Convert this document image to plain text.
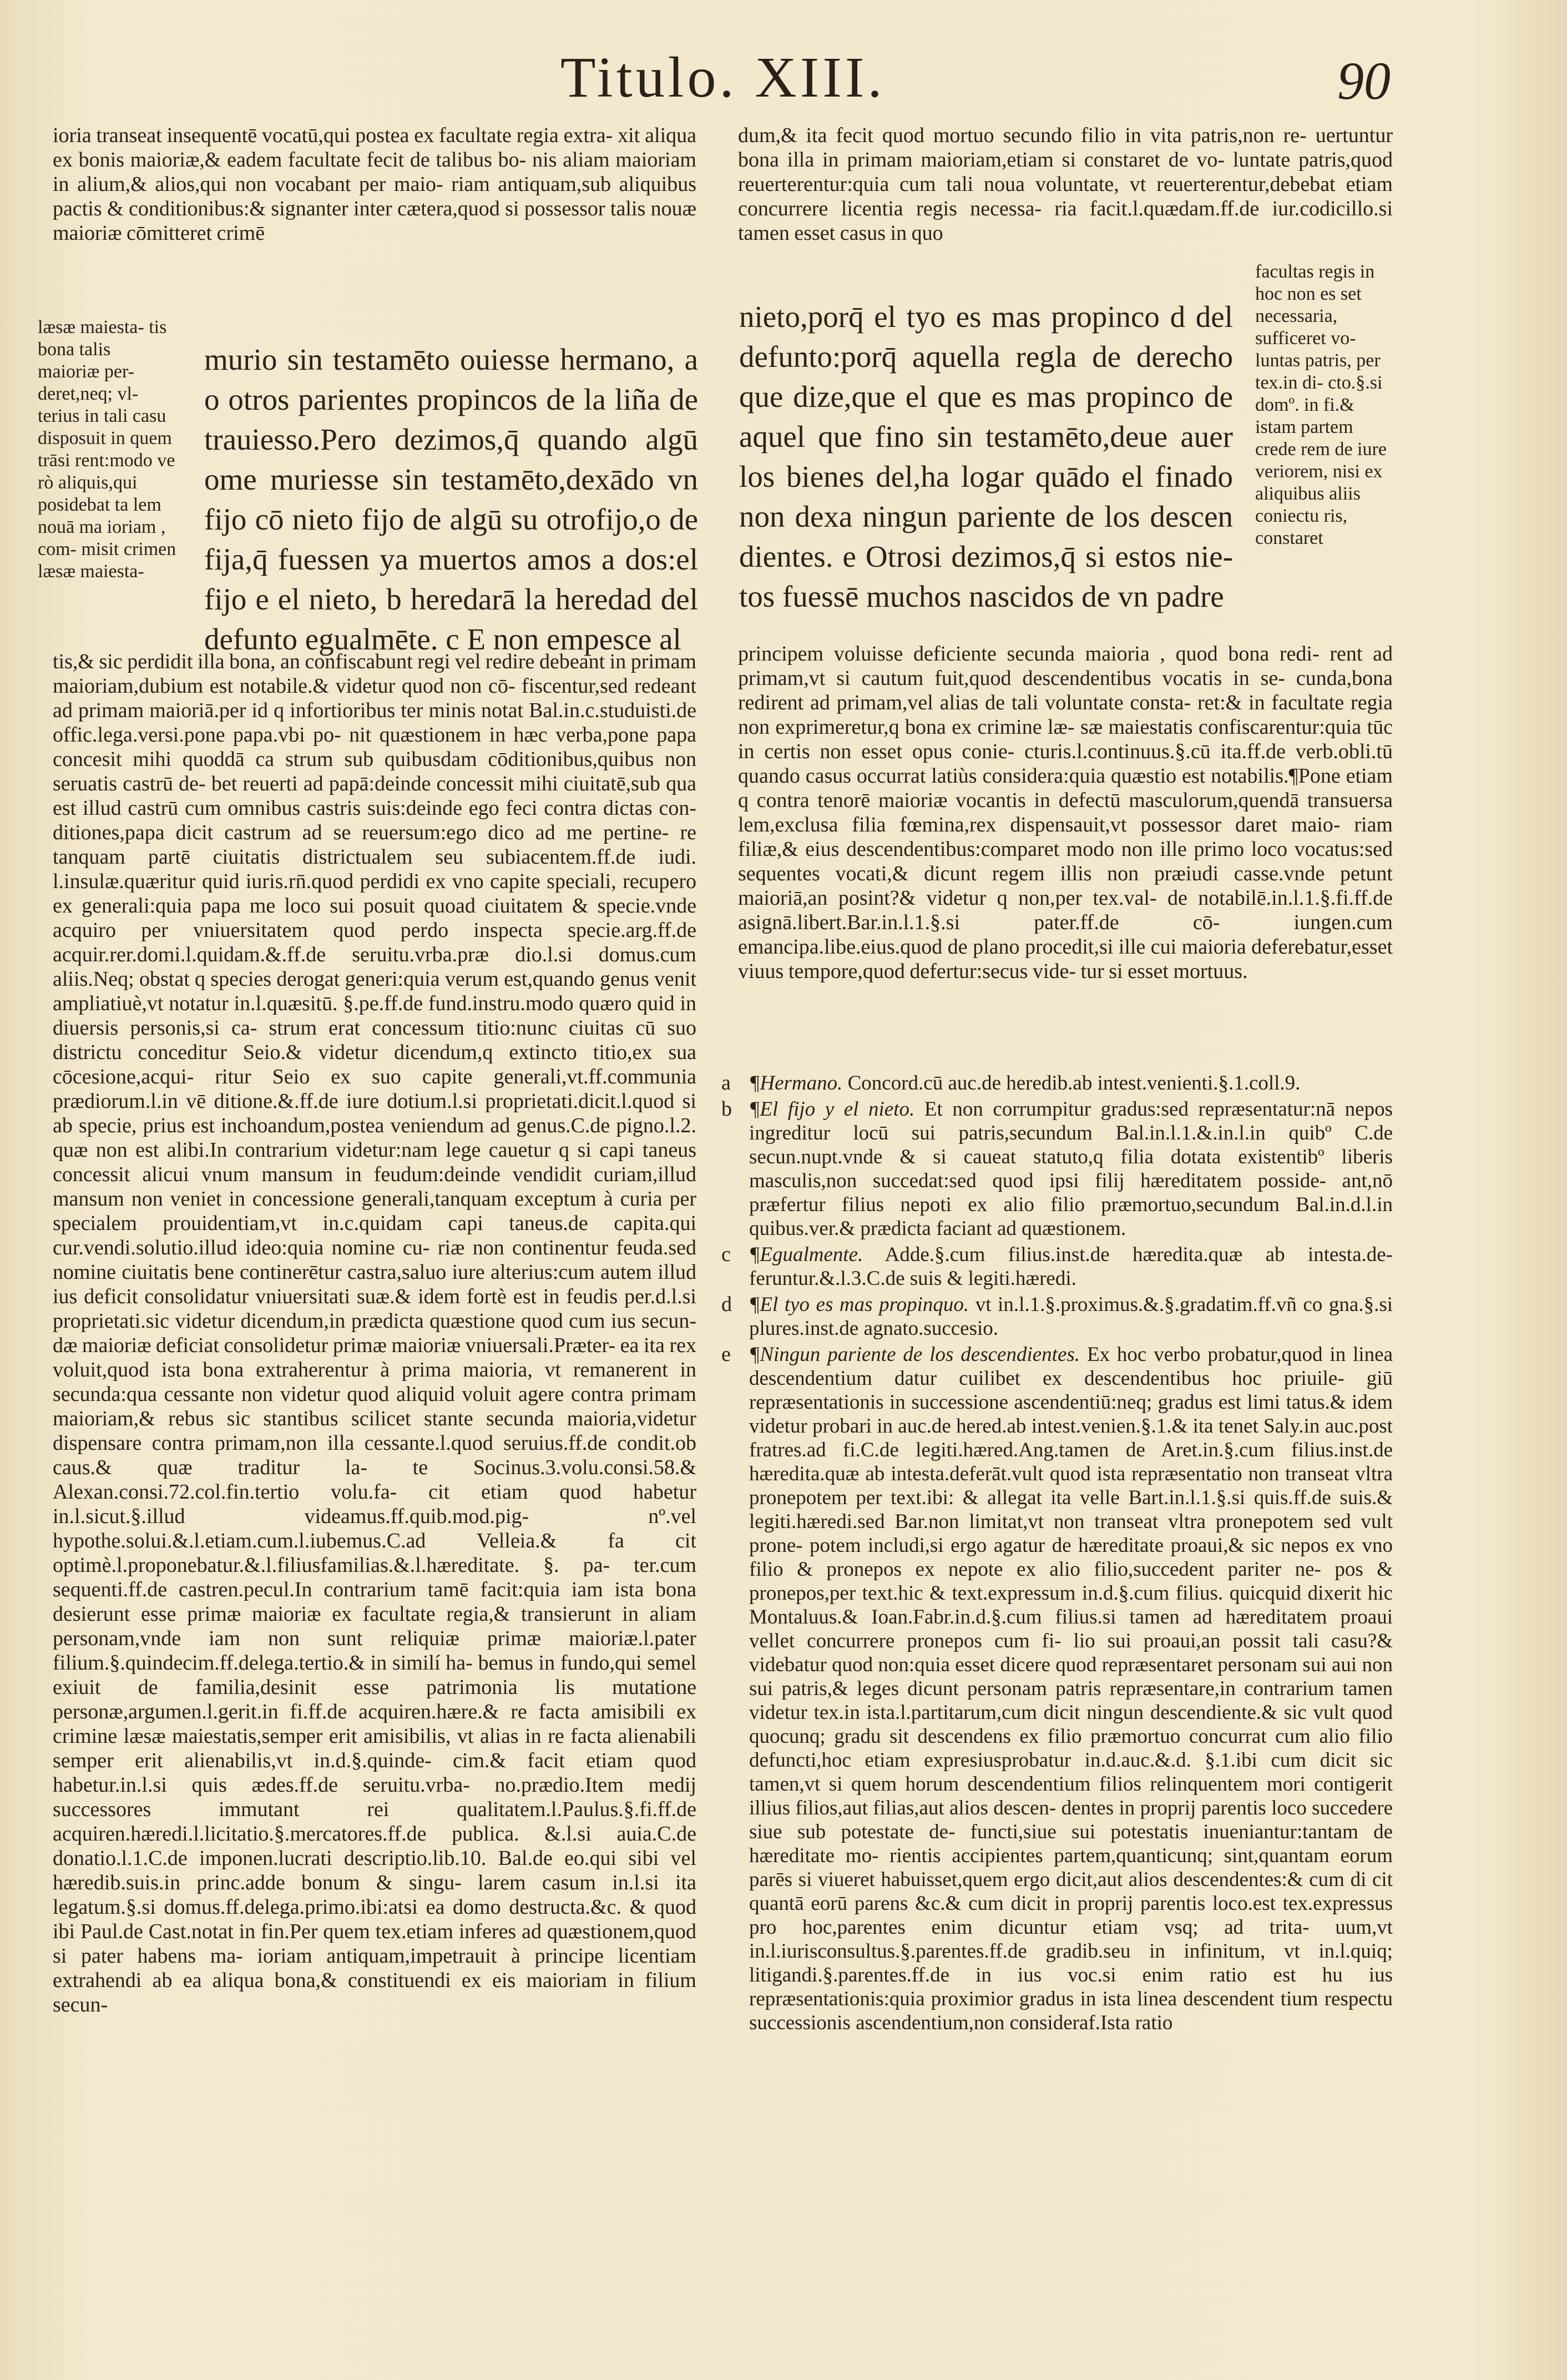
Titulo. XIII.	90

ioria transeat insequentē vocatū,qui postea ex facultate regia extra- xit aliqua ex bonis maioriæ,& eadem facultate fecit de talibus bo- nis aliam maioriam in alium,& alios,qui non vocabant per maio- riam antiquam,sub aliquibus pactis & conditionibus:& signanter inter cætera,quod si possessor talis nouæ maioriæ cōmitteret crimē

læsæ maiesta- tis bona talis maioriæ per- deret,neq; vl- terius in tali casu disposuit in quem trāsi rent:modo ve rò aliquis,qui posidebat ta lem nouā ma ioriam , com- misit crimen læsæ maiesta-

murio sin testamēto ouiesse hermano, a o otros parientes propincos de la liña de trauiesso.Pero dezimos,q̄ quando algū ome muriesse sin testamēto,dexādo vn fijo cō nieto fijo de algū su otrofijo,o de fija,q̄ fuessen ya muertos amos a dos:el fijo e el nieto, b heredarā la heredad del defunto egualmēte. c E non empesce al

tis,& sic perdidit illa bona, an confiscabunt regi vel redire debeant in primam maioriam,dubium est notabile.& videtur quod non cō- fiscentur,sed redeant ad primam maioriā.per id q infortioribus ter minis notat Bal.in.c.studuisti.de offic.lega.versi.pone papa.vbi po- nit quæstionem in hæc verba,pone papa concesit mihi quoddā ca strum sub quibusdam cōditionibus,quibus non seruatis castrū de- bet reuerti ad papā:deinde concessit mihi ciuitatē,sub qua est illud castrū cum omnibus castris suis:deinde ego feci contra dictas con- ditiones,papa dicit castrum ad se reuersum:ego dico ad me pertine- re tanquam partē ciuitatis districtualem seu subiacentem.ff.de iudi. l.insulæ.quæritur quid iuris.rn̄.quod perdidi ex vno capite speciali, recupero ex generali:quia papa me loco sui posuit quoad ciuitatem & specie.vnde acquiro per vniuersitatem quod perdo inspecta specie.arg.ff.de acquir.rer.domi.l.quidam.&.ff.de seruitu.vrba.præ dio.l.si domus.cum aliis.Neq; obstat q species derogat generi:quia verum est,quando genus venit ampliatiuè,vt notatur in.l.quæsitū. §.pe.ff.de fund.instru.modo quæro quid in diuersis personis,si ca- strum erat concessum titio:nunc ciuitas cū suo districtu conceditur Seio.& videtur dicendum,q extincto titio,ex sua cōcesione,acqui- ritur Seio ex suo capite generali,vt.ff.communia prædiorum.l.in vē ditione.&.ff.de iure dotium.l.si proprietati.dicit.l.quod si ab specie, prius est inchoandum,postea veniendum ad genus.C.de pigno.l.2. quæ non est alibi.In contrarium videtur:nam lege cauetur q si capi taneus concessit alicui vnum mansum in feudum:deinde vendidit curiam,illud mansum non veniet in concessione generali,tanquam exceptum à curia per specialem prouidentiam,vt in.c.quidam capi taneus.de capita.qui cur.vendi.solutio.illud ideo:quia nomine cu- riæ non continentur feuda.sed nomine ciuitatis bene continerētur castra,saluo iure alterius:cum autem illud ius deficit consolidatur vniuersitati suæ.& idem fortè est in feudis per.d.l.si proprietati.sic videtur dicendum,in prædicta quæstione quod cum ius secun- dæ maioriæ deficiat consolidetur primæ maioriæ vniuersali.Præter- ea ita rex voluit,quod ista bona extraherentur à prima maioria, vt remanerent in secunda:qua cessante non videtur quod aliquid voluit agere contra primam maioriam,& rebus sic stantibus scilicet stante secunda maioria,videtur dispensare contra primam,non illa cessante.l.quod seruius.ff.de condit.ob caus.& quæ traditur la- te Socinus.3.volu.consi.58.& Alexan.consi.72.col.fin.tertio volu.fa- cit etiam quod habetur in.l.sicut.§.illud videamus.ff.quib.mod.pig- nº.vel hypothe.solui.&.l.etiam.cum.l.iubemus.C.ad Velleia.& fa cit optimè.l.proponebatur.&.l.filiusfamilias.&.l.hæreditate. §. pa- ter.cum sequenti.ff.de castren.pecul.In contrarium tamē facit:quia iam ista bona desierunt esse primæ maioriæ ex facultate regia,& transierunt in aliam personam,vnde iam non sunt reliquiæ primæ maioriæ.l.pater filium.§.quindecim.ff.delega.tertio.& in similí ha- bemus in fundo,qui semel exiuit de familia,desinit esse patrimonia lis mutatione personæ,argumen.l.gerit.in fi.ff.de acquiren.hære.& re facta amisibili ex crimine læsæ maiestatis,semper erit amisibilis, vt alias in re facta alienabili semper erit alienabilis,vt in.d.§.quinde- cim.& facit etiam quod habetur.in.l.si quis ædes.ff.de seruitu.vrba- no.prædio.Item medij successores immutant rei qualitatem.l.Paulus.§.fi.ff.de acquiren.hæredi.l.licitatio.§.mercatores.ff.de publica. &.l.si auia.C.de donatio.l.1.C.de imponen.lucrati descriptio.lib.10. Bal.de eo.qui sibi vel hæredib.suis.in princ.adde bonum & singu- larem casum in.l.si ita legatum.§.si domus.ff.delega.primo.ibi:atsi ea domo destructa.&c. & quod ibi Paul.de Cast.notat in fin.Per quem tex.etiam inferes ad quæstionem,quod si pater habens ma- ioriam antiquam,impetrauit à principe licentiam extrahendi ab ea aliqua bona,& constituendi ex eis maioriam in filium secun-

dum,& ita fecit quod mortuo secundo filio in vita patris,non re- uertuntur bona illa in primam maioriam,etiam si constaret de vo- luntate patris,quod reuerterentur:quia cum tali noua voluntate, vt reuerterentur,debebat etiam concurrere licentia regis necessa- ria facit.l.quædam.ff.de iur.codicillo.si tamen esset casus in quo

facultas regis in hoc non es set necessaria, sufficeret vo- luntas patris, per tex.in di- cto.§.si domº. in fi.& istam partem crede rem de iure veriorem, nisi ex aliquibus aliis coniectu ris, constaret

nieto,porq̄ el tyo es mas propinco d del defunto:porq̄ aquella regla de derecho que dize,que el que es mas propinco de aquel que fino sin testamēto,deue auer los bienes del,ha logar quādo el finado non dexa ningun pariente de los descen dientes. e Otrosi dezimos,q̄ si estos nie- tos fuessē muchos nascidos de vn padre

principem voluisse deficiente secunda maioria , quod bona redi- rent ad primam,vt si cautum fuit,quod descendentibus vocatis in se- cunda,bona redirent ad primam,vel alias de tali voluntate consta- ret:& in facultate regia non exprimeretur,q bona ex crimine læ- sæ maiestatis confiscarentur:quia tūc in certis non esset opus conie- cturis.l.continuus.§.cū ita.ff.de verb.obli.tū quando casus occurrat latiùs considera:quia quæstio est notabilis.¶Pone etiam q contra tenorē maioriæ vocantis in defectū masculorum,quendā transuersa lem,exclusa filia fœmina,rex dispensauit,vt possessor daret maio- riam filiæ,& eius descendentibus:comparet modo non ille primo loco vocatus:sed sequentes vocati,& dicunt regem illis non præiudi casse.vnde petunt maioriā,an posint?& videtur q non,per tex.val- de notabilē.in.l.1.§.fi.ff.de asignā.libert.Bar.in.l.1.§.si pater.ff.de cō- iungen.cum emancipa.libe.eius.quod de plano procedit,si ille cui maioria deferebatur,esset viuus tempore,quod defertur:secus vide- tur si esset mortuus.

a ¶Hermano. Concord.cū auc.de heredib.ab intest.venienti.§.1.coll.9.
b ¶El fijo y el nieto. Et non corrumpitur gradus:sed repræsentatur:nā nepos ingreditur locū sui patris,secundum Bal.in.l.1.&.in.l.in quibº C.de secun.nupt.vnde & si caueat statuto,q filia dotata existentibº liberis masculis,non succedat:sed quod ipsi filij hæreditatem posside- ant,nō præfertur filius nepoti ex alio filio præmortuo,secundum Bal.in.d.l.in quibus.ver.& prædicta faciant ad quæstionem.
c ¶Egualmente. Adde.§.cum filius.inst.de hæredita.quæ ab intesta.de- feruntur.&.l.3.C.de suis & legiti.hæredi.
d ¶El tyo es mas propinquo. vt in.l.1.§.proximus.&.§.gradatim.ff.vñ co gna.§.si plures.inst.de agnato.succesio.
e ¶Ningun pariente de los descendientes. Ex hoc verbo probatur,quod in linea descendentium datur cuilibet ex descendentibus hoc priuile- giū repræsentationis in successione ascendentiū:neq; gradus est limi tatus.& idem videtur probari in auc.de hered.ab intest.venien.§.1.& ita tenet Saly.in auc.post fratres.ad fi.C.de legiti.hæred.Ang.tamen de Aret.in.§.cum filius.inst.de hæredita.quæ ab intesta.deferāt.vult quod ista repræsentatio non transeat vltra pronepotem per text.ibi: & allegat ita velle Bart.in.l.1.§.si quis.ff.de suis.& legiti.hæredi.sed Bar.non limitat,vt non transeat vltra pronepotem sed vult prone- potem includi,si ergo agatur de hæreditate proaui,& sic nepos ex vno filio & pronepos ex nepote ex alio filio,succedent pariter ne- pos & pronepos,per text.hic & text.expressum in.d.§.cum filius. quicquid dixerit hic Montaluus.& Ioan.Fabr.in.d.§.cum filius.si tamen ad hæreditatem proaui vellet concurrere pronepos cum fi- lio sui proaui,an possit tali casu?& videbatur quod non:quia esset dicere quod repræsentaret personam sui aui non sui patris,& leges dicunt personam patris repræsentare,in contrarium tamen videtur tex.in ista.l.partitarum,cum dicit ningun descendiente.& sic vult quod quocunq; gradu sit descendens ex filio præmortuo concurrat cum alio filio defuncti,hoc etiam expresiusprobatur in.d.auc.&.d. §.1.ibi cum dicit sic tamen,vt si quem horum descendentium filios relinquentem mori contigerit illius filios,aut filias,aut alios descen- dentes in proprij parentis loco succedere siue sub potestate de- functi,siue sui potestatis inueniantur:tantam de hæreditate mo- rientis accipientes partem,quanticunq; sint,quantam eorum parēs si viueret habuisset,quem ergo dicit,aut alios descendentes:& cum di cit quantā eorū parens &c.& cum dicit in proprij parentis loco.est tex.expressus pro hoc,parentes enim dicuntur etiam vsq; ad trita- uum,vt in.l.iurisconsultus.§.parentes.ff.de gradib.seu in infinitum, vt in.l.quiq; litigandi.§.parentes.ff.de in ius voc.si enim ratio est hu ius repræsentationis:quia proximior gradus in ista linea descendent tium respectu successionis ascendentium,non consideraf.Ista ratio
